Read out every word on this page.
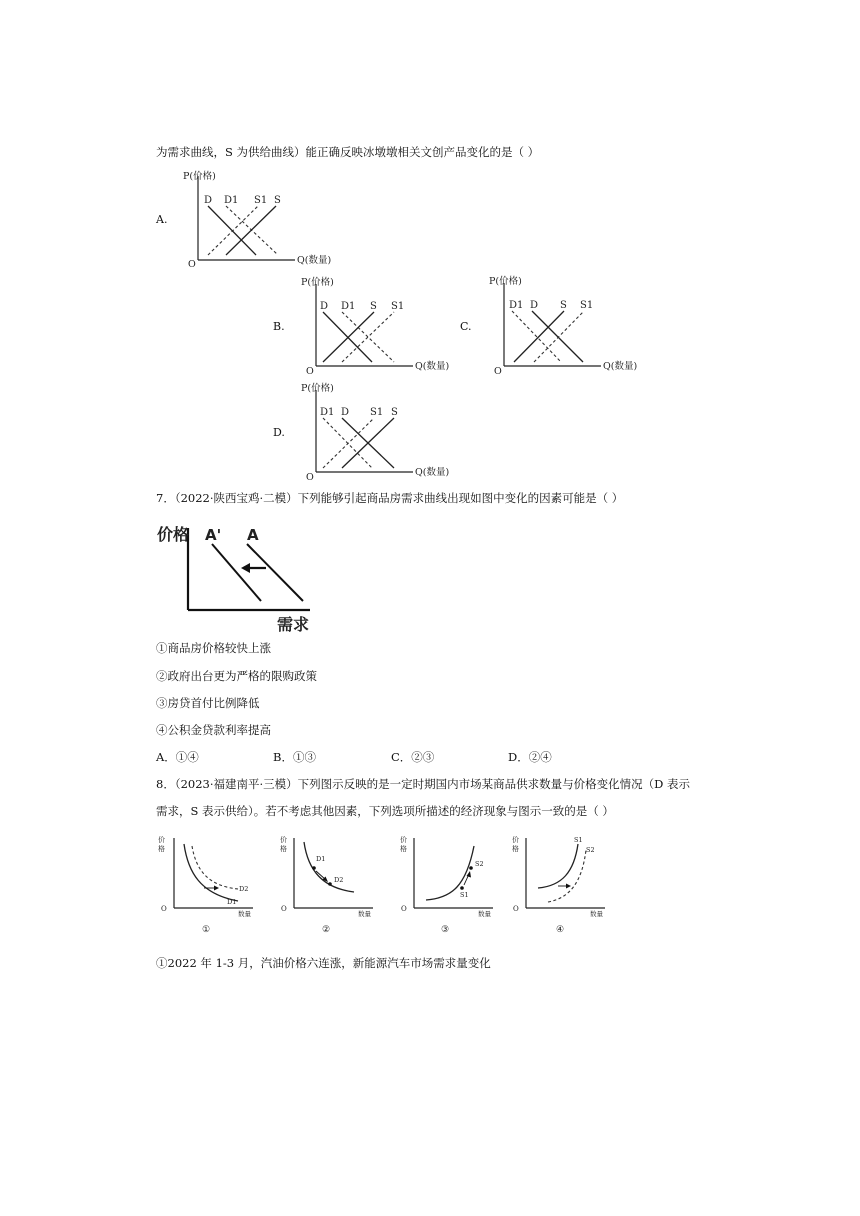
为需求曲线，S 为供给曲线）能正确反映冰墩墩相关文创产品变化的是（ ）
A.
P(价格)
Q(数量)
O
D D1 S1 S
B.
P(价格)
Q(数量)
O
D D1 S S1
C.
P(价格)
Q(数量)
O
D1 D S S1
D.
P(价格)
Q(数量)
O
D1 D S1 S
7．（2022·陕西宝鸡·二模）下列能够引起商品房需求曲线出现如图中变化的因素可能是（ ）
价格
需求
A' A
①商品房价格较快上涨
②政府出台更为严格的限购政策
③房贷首付比例降低
④公积金贷款利率提高
A．①④	B．①③	C．②③	D．②④
8．（2023·福建南平·三模）下列图示反映的是一定时期国内市场某商品供求数量与价格变化情况（D 表示
需求，S 表示供给）。若不考虑其他因素，下列选项所描述的经济现象与图示一致的是（ ）
价
格
O
数量
D2
D1
①
价
格
O
数量
D1
D2
②
价
格
O
数量
S2
S1
③
价
格
O
数量
S1
S2
④
①2022 年 1-3 月，汽油价格六连涨，新能源汽车市场需求量变化
